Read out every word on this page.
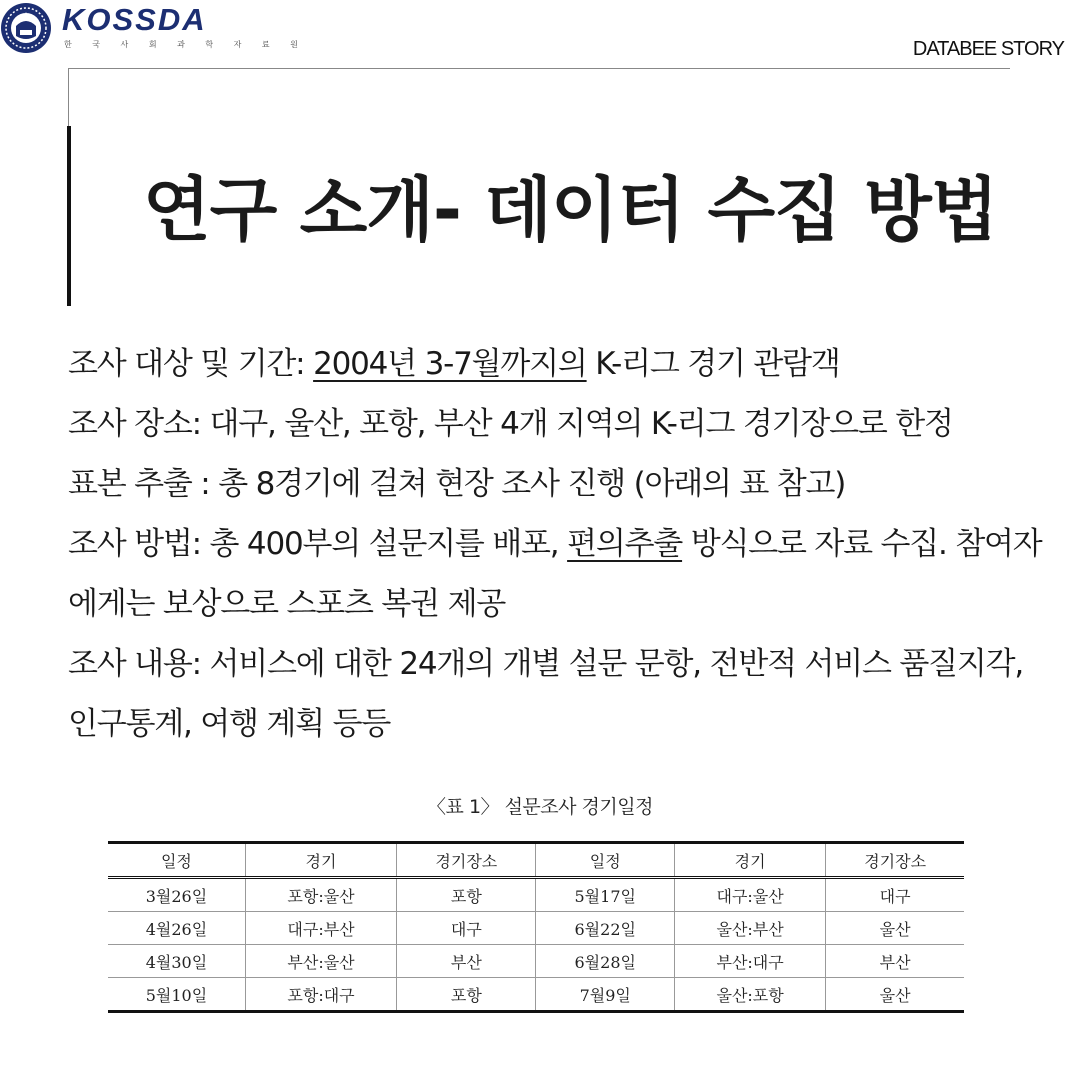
KOSSDA
한 국 사 회 과 학 자 료 원	DATABEE STORY
연구 소개- 데이터 수집 방법

조사 대상 및 기간: 2004년 3-7월까지의 K-리그 경기 관람객

조사 장소: 대구, 울산, 포항, 부산 4개 지역의 K-리그 경기장으로 한정

표본 추출 : 총 8경기에 걸쳐 현장 조사 진행 (아래의 표 참고)

조사 방법: 총 400부의 설문지를 배포, 편의추출 방식으로 자료 수집. 참여자에게는 보상으로 스포츠 복권 제공

조사 내용: 서비스에 대한 24개의 개별 설문 문항, 전반적 서비스 품질지각, 인구통계, 여행 계획 등등

〈표 1〉 설문조사 경기일정
일정	경기	경기장소	일정	경기	경기장소
3월26일	포항:울산	포항	5월17일	대구:울산	대구
4월26일	대구:부산	대구	6월22일	울산:부산	울산
4월30일	부산:울산	부산	6월28일	부산:대구	부산
5월10일	포항:대구	포항	7월9일	울산:포항	울산
